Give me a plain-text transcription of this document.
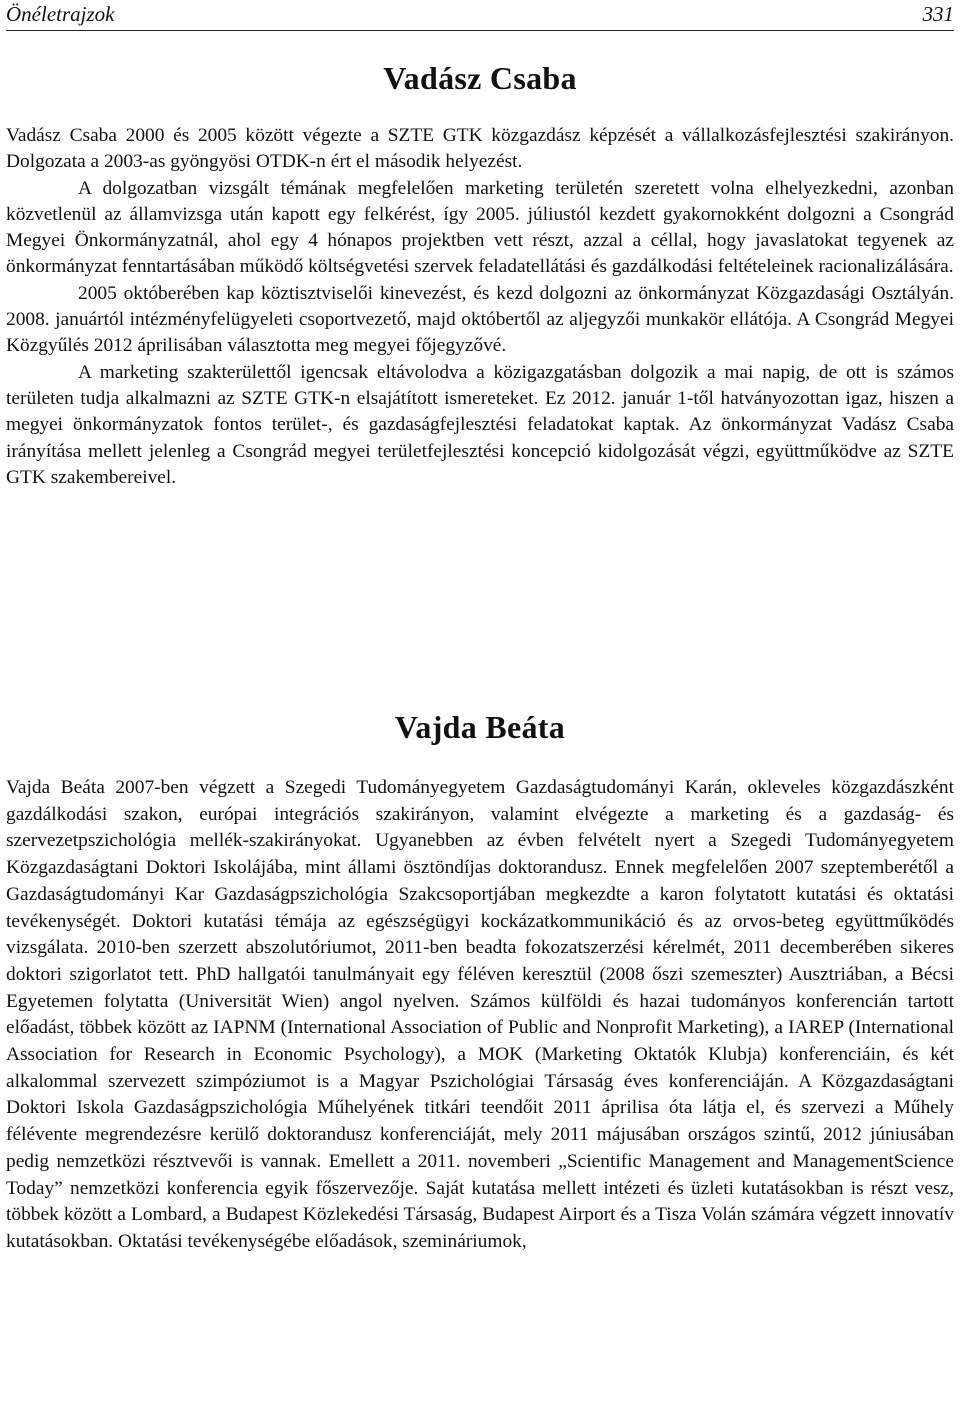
Önéletrajzok	331
Vadász Csaba

Vadász Csaba 2000 és 2005 között végezte a SZTE GTK közgazdász képzését a vállalkozásfejlesztési szakirányon. Dolgozata a 2003-as gyöngyösi OTDK-n ért el második helyezést.

A dolgozatban vizsgált témának megfelelően marketing területén szeretett volna elhelyezkedni, azonban közvetlenül az államvizsga után kapott egy felkérést, így 2005. júliustól kezdett gyakornokként dolgozni a Csongrád Megyei Önkormányzatnál, ahol egy 4 hónapos projektben vett részt, azzal a céllal, hogy javaslatokat tegyenek az önkormányzat fenntartásában működő költségvetési szervek feladatellátási és gazdálkodási feltételeinek racionalizálására.

2005 októberében kap köztisztviselői kinevezést, és kezd dolgozni az önkormányzat Közgazdasági Osztályán. 2008. januártól intézményfelügyeleti csoportvezető, majd októbertől az aljegyzői munkakör ellátója. A Csongrád Megyei Közgyűlés 2012 áprilisában választotta meg megyei főjegyzővé.

A marketing szakterülettől igencsak eltávolodva a közigazgatásban dolgozik a mai napig, de ott is számos területen tudja alkalmazni az SZTE GTK-n elsajátított ismereteket. Ez 2012. január 1-től hatványozottan igaz, hiszen a megyei önkormányzatok fontos terület-, és gazdaságfejlesztési feladatokat kaptak. Az önkormányzat Vadász Csaba irányítása mellett jelenleg a Csongrád megyei területfejlesztési koncepció kidolgozását végzi, együttműködve az SZTE GTK szakembereivel.

Vajda Beáta

Vajda Beáta 2007-ben végzett a Szegedi Tudományegyetem Gazdaságtudományi Karán, okleveles közgazdászként gazdálkodási szakon, európai integrációs szakirányon, valamint elvégezte a marketing és a gazdaság- és szervezetpszichológia mellék-szakirányokat. Ugyanebben az évben felvételt nyert a Szegedi Tudományegyetem Közgazdaságtani Doktori Iskolájába, mint állami ösztöndíjas doktorandusz. Ennek megfelelően 2007 szeptemberétől a Gazdaságtudományi Kar Gazdaságpszichológia Szakcsoportjában megkezdte a karon folytatott kutatási és oktatási tevékenységét. Doktori kutatási témája az egészségügyi kockázatkommunikáció és az orvos-beteg együttműködés vizsgálata. 2010-ben szerzett abszolutóriumot, 2011-ben beadta fokozatszerzési kérelmét, 2011 decemberében sikeres doktori szigorlatot tett. PhD hallgatói tanulmányait egy féléven keresztül (2008 őszi szemeszter) Ausztriában, a Bécsi Egyetemen folytatta (Universität Wien) angol nyelven. Számos külföldi és hazai tudományos konferencián tartott előadást, többek között az IAPNM (International Association of Public and Nonprofit Marketing), a IAREP (International Association for Research in Economic Psychology), a MOK (Marketing Oktatók Klubja) konferenciáin, és két alkalommal szervezett szimpóziumot is a Magyar Pszichológiai Társaság éves konferenciáján. A Közgazdaságtani Doktori Iskola Gazdaságpszichológia Műhelyének titkári teendőit 2011 áprilisa óta látja el, és szervezi a Műhely félévente megrendezésre kerülő doktorandusz konferenciáját, mely 2011 májusában országos szintű, 2012 júniusában pedig nemzetközi résztvevői is vannak. Emellett a 2011. novemberi „Scientific Management and ManagementScience Today” nemzetközi konferencia egyik főszervezője. Saját kutatása mellett intézeti és üzleti kutatásokban is részt vesz, többek között a Lombard, a Budapest Közlekedési Társaság, Budapest Airport és a Tisza Volán számára végzett innovatív kutatásokban. Oktatási tevékenységébe előadások, szemináriumok,
